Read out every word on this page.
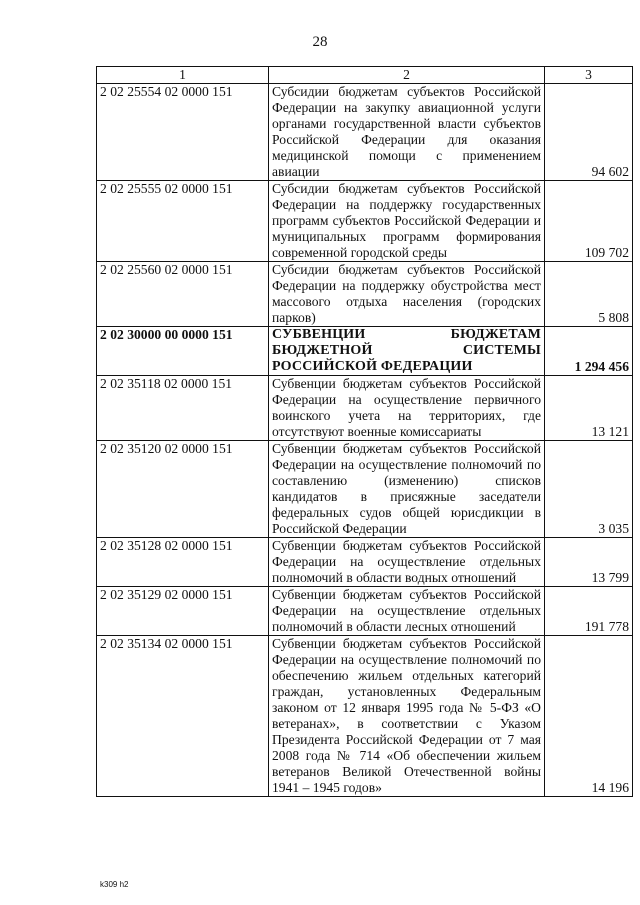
28
1	2	3
2 02 25554 02 0000 151	Субсидии бюджетам субъектов Российской Федерации на закупку авиационной услуги органами государственной власти субъектов Российской Федерации для оказания медицинской помощи с применением авиации	94 602
2 02 25555 02 0000 151	Субсидии бюджетам субъектов Российской Федерации на поддержку государственных программ субъектов Российской Федерации и муниципальных программ формирования современной городской среды	109 702
2 02 25560 02 0000 151	Субсидии бюджетам субъектов Российской Федерации на поддержку обустройства мест массового отдыха населения (городских парков)	5 808
2 02 30000 00 0000 151	СУБВЕНЦИИ БЮДЖЕТАМ БЮДЖЕТНОЙ СИСТЕМЫ РОССИЙСКОЙ ФЕДЕРАЦИИ	1 294 456
2 02 35118 02 0000 151	Субвенции бюджетам субъектов Российской Федерации на осуществление первичного воинского учета на территориях, где отсутствуют военные комиссариаты	13 121
2 02 35120 02 0000 151	Субвенции бюджетам субъектов Российской Федерации на осуществление полномочий по составлению (изменению) списков кандидатов в присяжные заседатели федеральных судов общей юрисдикции в Российской Федерации	3 035
2 02 35128 02 0000 151	Субвенции бюджетам субъектов Российской Федерации на осуществление отдельных полномочий в области водных отношений	13 799
2 02 35129 02 0000 151	Субвенции бюджетам субъектов Российской Федерации на осуществление отдельных полномочий в области лесных отношений	191 778
2 02 35134 02 0000 151	Субвенции бюджетам субъектов Российской Федерации на осуществление полномочий по обеспечению жильем отдельных категорий граждан, установленных Федеральным законом от 12 января 1995 года № 5-ФЗ «О ветеранах», в соответствии с Указом Президента Российской Федерации от 7 мая 2008 года № 714 «Об обеспечении жильем ветеранов Великой Отечественной войны 1941 – 1945 годов»	14 196
k309 h2
